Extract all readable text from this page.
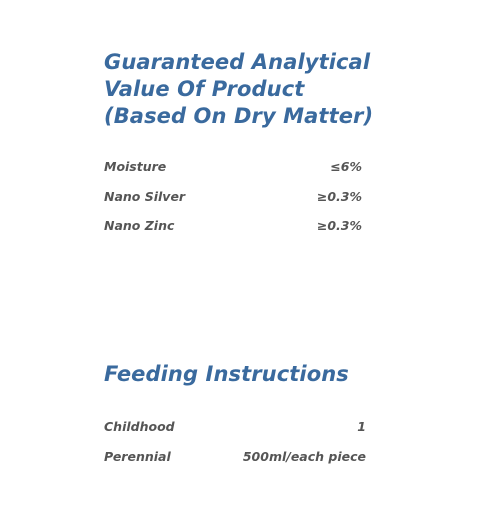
Guaranteed Analytical
Value Of Product
(Based On Dry Matter)
Moisture	≤6%
Nano Silver	≥0.3%
Nano Zinc	≥0.3%
Feeding Instructions
Childhood	1
Perennial	500ml/each piece
